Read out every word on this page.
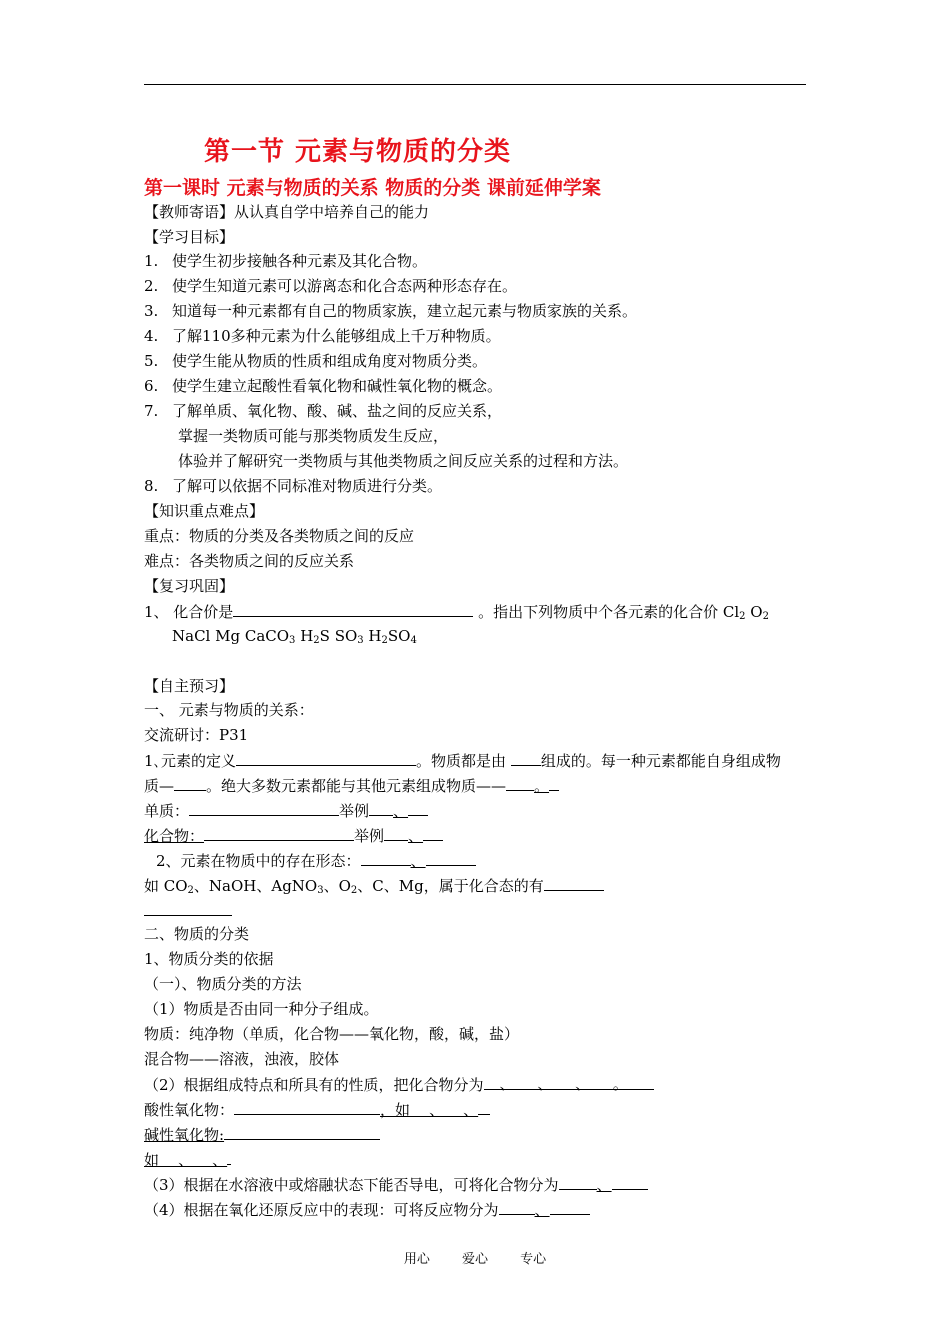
第一节 元素与物质的分类
第一课时 元素与物质的关系 物质的分类 课前延伸学案
【教师寄语】从认真自学中培养自己的能力
【学习目标】
1. 使学生初步接触各种元素及其化合物。
2. 使学生知道元素可以游离态和化合态两种形态存在。
3. 知道每一种元素都有自己的物质家族，建立起元素与物质家族的关系。
4. 了解110多种元素为什么能够组成上千万种物质。
5. 使学生能从物质的性质和组成角度对物质分类。
6. 使学生建立起酸性看氧化物和碱性氧化物的概念。
7. 了解单质、氧化物、酸、碱、盐之间的反应关系，
掌握一类物质可能与那类物质发生反应，
体验并了解研究一类物质与其他类物质之间反应关系的过程和方法。
8. 了解可以依据不同标准对物质进行分类。
【知识重点难点】
重点：物质的分类及各类物质之间的反应
难点：各类物质之间的反应关系
【复习巩固】
1、 化合价是	。指出下列物质中个各元素的化合价 $Cl_2$ $O_2$
NaCl Mg CaCO$_3$ $H_2S$ $SO_3$ $H_2SO_4$
【自主预习】
一、 元素与物质的关系：
交流研讨：P31
1､元素的定义	。物质都是由 组成的。每一种元素都能自身组成物
质— 。绝大多数元素都能与其他元素组成物质—— 。
单质：	举例 、
化合物：	举例 、
2、元素在物质中的存在形态：	、
如 $CO_2$、NaOH、AgNO$_3$、$O_2$、C、Mg，属于化合态的有
二、物质的分类
1、物质分类的依据
（一）、物质分类的方法
（1）物质是否由同一种分子组成。
物质：纯净物（单质，化合物——氧化物，酸，碱，盐）
混合物——溶液，浊液，胶体
（2）根据组成特点和所具有的性质，把化合物分为 、 、 、 。
酸性氧化物：	，如    、    、
碱性氧化物:
如    、    、
（3）根据在水溶液中或熔融状态下能否导电，可将化合物分为	、
（4）根据在氧化还原反应中的表现：可将反应物分为 、
用心 爱心 专心
